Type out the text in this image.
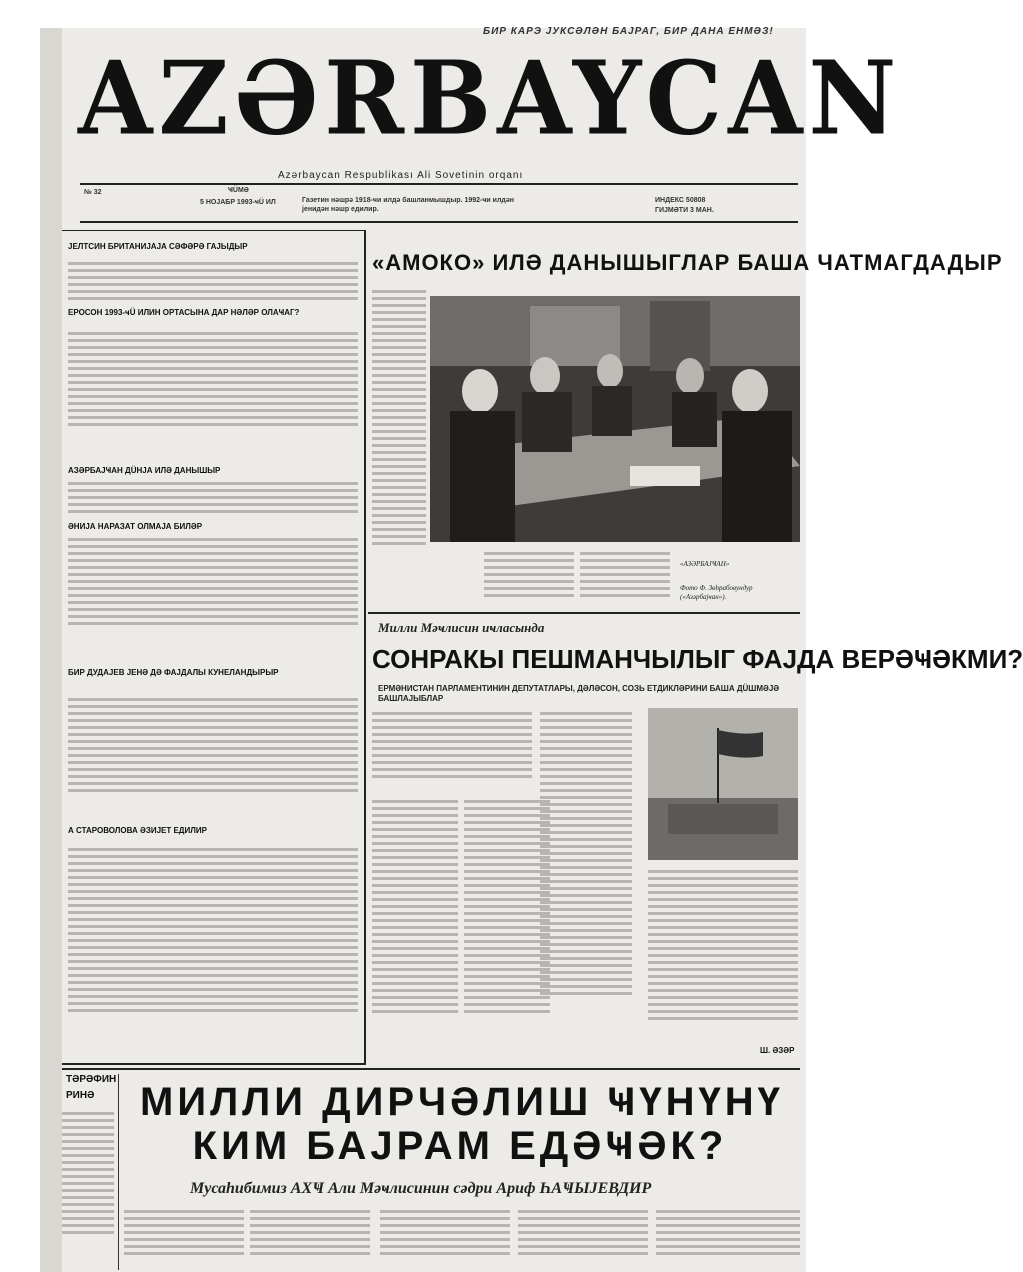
БИР КАРЭ ЈУКСƏЛƏН БАЈРАГ, БИР ДАНА ЕНМƏЗ!
AZƏRBAYCAN
Azərbaycan Respublikası Ali Sovetinin orqanı
№ 32	ҸÜMƏ
5 НОЈАБР 1993-ҹÜ ИЛ	Газетин нəшрə 1918-ҹи илдə башланмышдыр. 1992-ҹи илдəн јенидəн нəшр едилир.
ИНДЕКС 50808
ГИЈМƏТИ 3 МАН.
ЈЕЛТСИН БРИТАНИЈАЈА СƏФƏРƏ ГАЈЫДЫР
ЕРОСОН 1993-ҹÜ ИЛИН ОРТАСЫНА ДАР НƏЛƏР ОЛАҸАГ?
АЗƏРБАЈҸАН ДÜНЈА ИЛƏ ДАНЫШЫР
ƏНИЈА НАРАЗАТ ОЛМАЈА БИЛƏР
БИР ДУДАЈЕВ ЈЕНƏ ДƏ ФАЈДАЛЫ КУНЕЛАНДЫРЫР
А СТАРОВОЛОВА ƏЗИЈЕТ ЕДИЛИР
«АМОКО» ИЛƏ ДАНЫШЫГЛАР БАША ЧАТМАГДАДЫР
«АЗƏРБАЈҸАН»
Фото Ф. Зөһрабовундур («Азəрбајҹан»).
Милли Мəҹлисин иҹласында
СОНРАКЫ ПЕШМАНЧЫЛЫГ ФАЈДА ВЕРƏҸƏКМИ?
ЕРМƏНИСТАН ПАРЛАМЕНТИНИН ДЕПУТАТЛАРЫ, ДƏЛƏСОН, СОЗЬ ЕТДИКЛƏРИНИ БАША ДÜШМƏЈƏ БАШЛАЈЫБЛАР
Ш. ƏЗƏР
ТƏРƏФИН
РИНƏ МИЛЛИ ДИРЧƏЛИШ ҸҮНҮНҮ
КИМ БАЈРАМ ЕДƏҸƏК?
Мусаһибимиз АХҸ Али Мəҹлисинин сəдри Ариф ҺАҸЫЈЕВДИР
